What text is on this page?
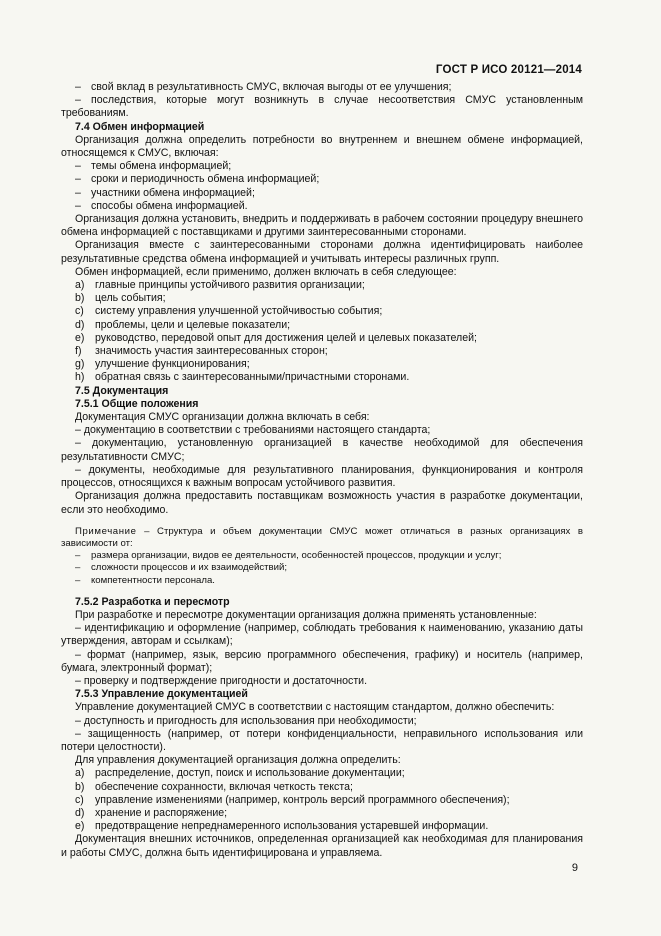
ГОСТ Р ИСО 20121—2014
– свой вклад в результативность СМУС, включая выгоды от ее улучшения;
– последствия, которые могут возникнуть в случае несоответствия СМУС установленным требованиям.
7.4 Обмен информацией
Организация должна определить потребности во внутреннем и внешнем обмене информацией, относящемся к СМУС, включая:
– темы обмена информацией;
– сроки и периодичность обмена информацией;
– участники обмена информацией;
– способы обмена информацией.
Организация должна установить, внедрить и поддерживать в рабочем состоянии процедуру внешнего обмена информацией с поставщиками и другими заинтересованными сторонами.
Организация вместе с заинтересованными сторонами должна идентифицировать наиболее результативные средства обмена информацией и учитывать интересы различных групп.
Обмен информацией, если применимо, должен включать в себя следующее:
a) главные принципы устойчивого развития организации;
b) цель события;
c) систему управления улучшенной устойчивостью события;
d) проблемы, цели и целевые показатели;
e) руководство, передовой опыт для достижения целей и целевых показателей;
f) значимость участия заинтересованных сторон;
g) улучшение функционирования;
h) обратная связь с заинтересованными/причастными сторонами.
7.5 Документация
7.5.1 Общие положения
Документация СМУС организации должна включать в себя:
– документацию в соответствии с требованиями настоящего стандарта;
– документацию, установленную организацией в качестве необходимой для обеспечения результативности СМУС;
– документы, необходимые для результативного планирования, функционирования и контроля процессов, относящихся к важным вопросам устойчивого развития.
Организация должна предоставить поставщикам возможность участия в разработке документации, если это необходимо.
Примечание – Структура и объем документации СМУС может отличаться в разных организациях в зависимости от:
– размера организации, видов ее деятельности, особенностей процессов, продукции и услуг;
– сложности процессов и их взаимодействий;
– компетентности персонала.
7.5.2 Разработка и пересмотр
При разработке и пересмотре документации организация должна применять установленные:
– идентификацию и оформление (например, соблюдать требования к наименованию, указанию даты утверждения, авторам и ссылкам);
– формат (например, язык, версию программного обеспечения, графику) и носитель (например, бумага, электронный формат);
– проверку и подтверждение пригодности и достаточности.
7.5.3 Управление документацией
Управление документацией СМУС в соответствии с настоящим стандартом, должно обеспечить:
– доступность и пригодность для использования при необходимости;
– защищенность (например, от потери конфиденциальности, неправильного использования или потери целостности).
Для управления документацией организация должна определить:
a) распределение, доступ, поиск и использование документации;
b) обеспечение сохранности, включая четкость текста;
c) управление изменениями (например, контроль версий программного обеспечения);
d) хранение и распоряжение;
e) предотвращение непреднамеренного использования устаревшей информации.
Документация внешних источников, определенная организацией как необходимая для планирования и работы СМУС, должна быть идентифицирована и управляема.
9
